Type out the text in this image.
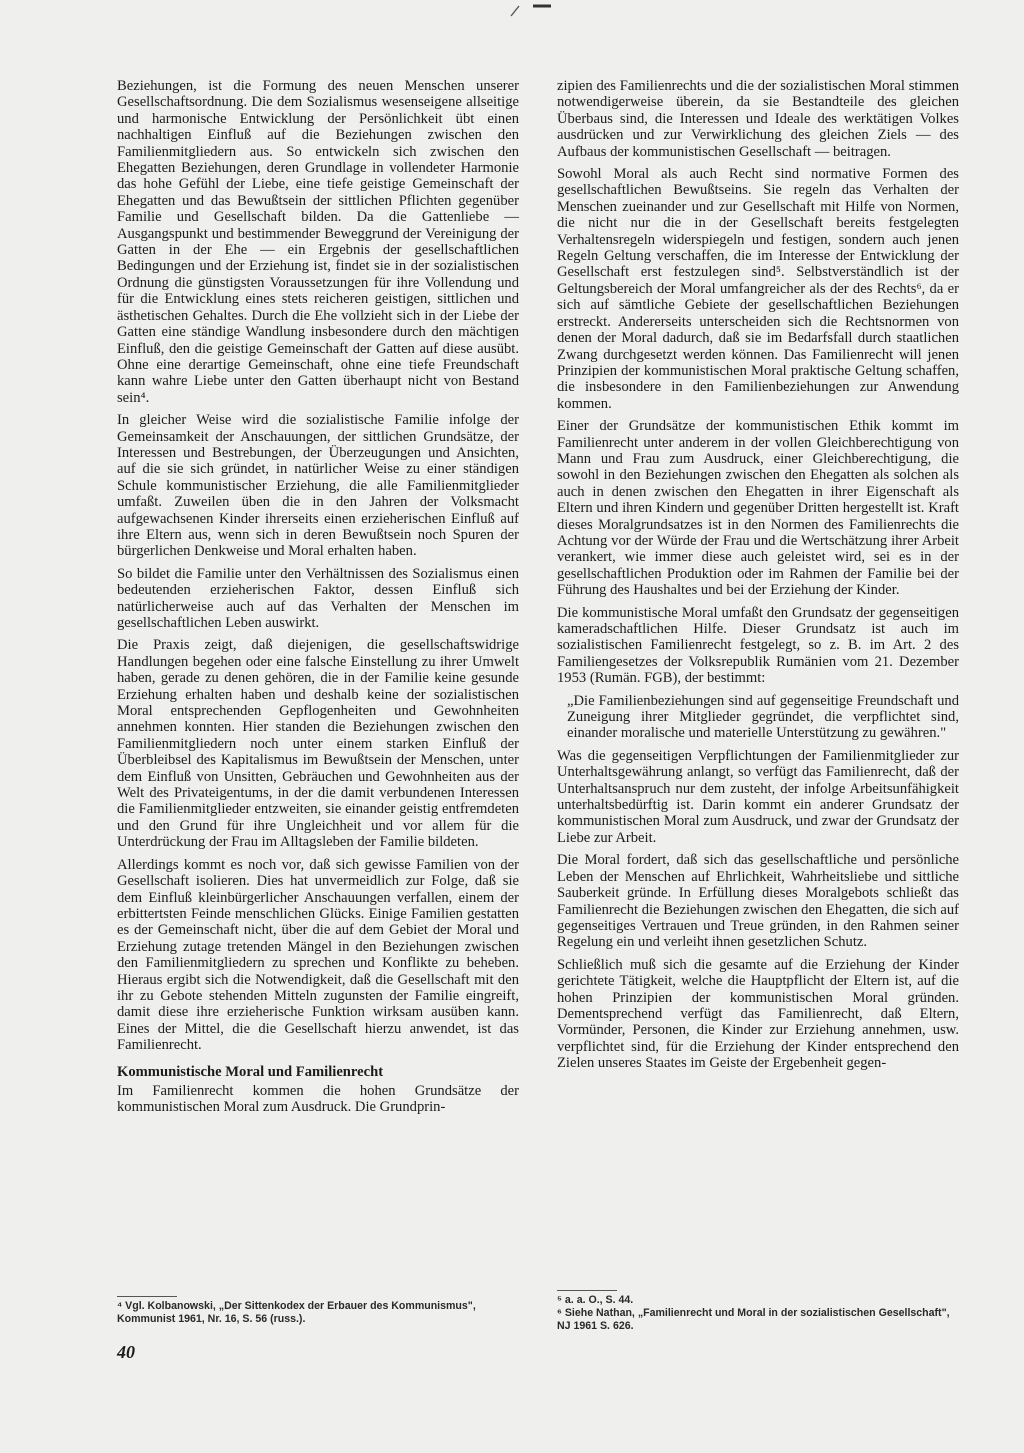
Beziehungen, ist die Formung des neuen Menschen unserer Gesellschaftsordnung. Die dem Sozialismus wesenseigene allseitige und harmonische Entwicklung der Persönlichkeit übt einen nachhaltigen Einfluß auf die Beziehungen zwischen den Familienmitgliedern aus. So entwickeln sich zwischen den Ehegatten Beziehungen, deren Grundlage in vollendeter Harmonie das hohe Gefühl der Liebe, eine tiefe geistige Gemeinschaft der Ehegatten und das Bewußtsein der sittlichen Pflichten gegenüber Familie und Gesellschaft bilden. Da die Gattenliebe — Ausgangspunkt und bestimmender Beweggrund der Vereinigung der Gatten in der Ehe — ein Ergebnis der gesellschaftlichen Bedingungen und der Erziehung ist, findet sie in der sozialistischen Ordnung die günstigsten Voraussetzungen für ihre Vollendung und für die Entwicklung eines stets reicheren geistigen, sittlichen und ästhetischen Gehaltes. Durch die Ehe vollzieht sich in der Liebe der Gatten eine ständige Wandlung insbesondere durch den mächtigen Einfluß, den die geistige Gemeinschaft der Gatten auf diese ausübt. Ohne eine derartige Gemeinschaft, ohne eine tiefe Freundschaft kann wahre Liebe unter den Gatten überhaupt nicht von Bestand sein⁴.

In gleicher Weise wird die sozialistische Familie infolge der Gemeinsamkeit der Anschauungen, der sittlichen Grundsätze, der Interessen und Bestrebungen, der Überzeugungen und Ansichten, auf die sie sich gründet, in natürlicher Weise zu einer ständigen Schule kommunistischer Erziehung, die alle Familienmitglieder umfaßt. Zuweilen üben die in den Jahren der Volksmacht aufgewachsenen Kinder ihrerseits einen erzieherischen Einfluß auf ihre Eltern aus, wenn sich in deren Bewußtsein noch Spuren der bürgerlichen Denkweise und Moral erhalten haben.

So bildet die Familie unter den Verhältnissen des Sozialismus einen bedeutenden erzieherischen Faktor, dessen Einfluß sich natürlicherweise auch auf das Verhalten der Menschen im gesellschaftlichen Leben auswirkt.

Die Praxis zeigt, daß diejenigen, die gesellschaftswidrige Handlungen begehen oder eine falsche Einstellung zu ihrer Umwelt haben, gerade zu denen gehören, die in der Familie keine gesunde Erziehung erhalten haben und deshalb keine der sozialistischen Moral entsprechenden Gepflogenheiten und Gewohnheiten annehmen konnten. Hier standen die Beziehungen zwischen den Familienmitgliedern noch unter einem starken Einfluß der Überbleibsel des Kapitalismus im Bewußtsein der Menschen, unter dem Einfluß von Unsitten, Gebräuchen und Gewohnheiten aus der Welt des Privateigentums, in der die damit verbundenen Interessen die Familienmitglieder entzweiten, sie einander geistig entfremdeten und den Grund für ihre Ungleichheit und vor allem für die Unterdrückung der Frau im Alltagsleben der Familie bildeten.

Allerdings kommt es noch vor, daß sich gewisse Familien von der Gesellschaft isolieren. Dies hat unvermeidlich zur Folge, daß sie dem Einfluß kleinbürgerlicher Anschauungen verfallen, einem der erbittertsten Feinde menschlichen Glücks. Einige Familien gestatten es der Gemeinschaft nicht, über die auf dem Gebiet der Moral und Erziehung zutage tretenden Mängel in den Beziehungen zwischen den Familienmitgliedern zu sprechen und Konflikte zu beheben. Hieraus ergibt sich die Notwendigkeit, daß die Gesellschaft mit den ihr zu Gebote stehenden Mitteln zugunsten der Familie eingreift, damit diese ihre erzieherische Funktion wirksam ausüben kann. Eines der Mittel, die die Gesellschaft hierzu anwendet, ist das Familienrecht.

Kommunistische Moral und Familienrecht

Im Familienrecht kommen die hohen Grundsätze der kommunistischen Moral zum Ausdruck. Die Grundprin-

⁴ Vgl. Kolbanowski, „Der Sittenkodex der Erbauer des Kommunismus", Kommunist 1961, Nr. 16, S. 56 (russ.).

zipien des Familienrechts und die der sozialistischen Moral stimmen notwendigerweise überein, da sie Bestandteile des gleichen Überbaus sind, die Interessen und Ideale des werktätigen Volkes ausdrücken und zur Verwirklichung des gleichen Ziels — des Aufbaus der kommunistischen Gesellschaft — beitragen.

Sowohl Moral als auch Recht sind normative Formen des gesellschaftlichen Bewußtseins. Sie regeln das Verhalten der Menschen zueinander und zur Gesellschaft mit Hilfe von Normen, die nicht nur die in der Gesellschaft bereits festgelegten Verhaltensregeln widerspiegeln und festigen, sondern auch jenen Regeln Geltung verschaffen, die im Interesse der Entwicklung der Gesellschaft erst festzulegen sind⁵. Selbstverständlich ist der Geltungsbereich der Moral umfangreicher als der des Rechts⁶, da er sich auf sämtliche Gebiete der gesellschaftlichen Beziehungen erstreckt. Andererseits unterscheiden sich die Rechtsnormen von denen der Moral dadurch, daß sie im Bedarfsfall durch staatlichen Zwang durchgesetzt werden können. Das Familienrecht will jenen Prinzipien der kommunistischen Moral praktische Geltung schaffen, die insbesondere in den Familienbeziehungen zur Anwendung kommen.

Einer der Grundsätze der kommunistischen Ethik kommt im Familienrecht unter anderem in der vollen Gleichberechtigung von Mann und Frau zum Ausdruck, einer Gleichberechtigung, die sowohl in den Beziehungen zwischen den Ehegatten als solchen als auch in denen zwischen den Ehegatten in ihrer Eigenschaft als Eltern und ihren Kindern und gegenüber Dritten hergestellt ist. Kraft dieses Moralgrundsatzes ist in den Normen des Familienrechts die Achtung vor der Würde der Frau und die Wertschätzung ihrer Arbeit verankert, wie immer diese auch geleistet wird, sei es in der gesellschaftlichen Produktion oder im Rahmen der Familie bei der Führung des Haushaltes und bei der Erziehung der Kinder.

Die kommunistische Moral umfaßt den Grundsatz der gegenseitigen kameradschaftlichen Hilfe. Dieser Grundsatz ist auch im sozialistischen Familienrecht festgelegt, so z. B. im Art. 2 des Familiengesetzes der Volksrepublik Rumänien vom 21. Dezember 1953 (Rumän. FGB), der bestimmt:

„Die Familienbeziehungen sind auf gegenseitige Freundschaft und Zuneigung ihrer Mitglieder gegründet, die verpflichtet sind, einander moralische und materielle Unterstützung zu gewähren."

Was die gegenseitigen Verpflichtungen der Familienmitglieder zur Unterhaltsgewährung anlangt, so verfügt das Familienrecht, daß der Unterhaltsanspruch nur dem zusteht, der infolge Arbeitsunfähigkeit unterhaltsbedürftig ist. Darin kommt ein anderer Grundsatz der kommunistischen Moral zum Ausdruck, und zwar der Grundsatz der Liebe zur Arbeit.

Die Moral fordert, daß sich das gesellschaftliche und persönliche Leben der Menschen auf Ehrlichkeit, Wahrheitsliebe und sittliche Sauberkeit gründe. In Erfüllung dieses Moralgebots schließt das Familienrecht die Beziehungen zwischen den Ehegatten, die sich auf gegenseitiges Vertrauen und Treue gründen, in den Rahmen seiner Regelung ein und verleiht ihnen gesetzlichen Schutz.

Schließlich muß sich die gesamte auf die Erziehung der Kinder gerichtete Tätigkeit, welche die Hauptpflicht der Eltern ist, auf die hohen Prinzipien der kommunistischen Moral gründen. Dementsprechend verfügt das Familienrecht, daß Eltern, Vormünder, Personen, die Kinder zur Erziehung annehmen, usw. verpflichtet sind, für die Erziehung der Kinder entsprechend den Zielen unseres Staates im Geiste der Ergebenheit gegen-

⁵ a. a. O., S. 44.

⁶ Siehe Nathan, „Familienrecht und Moral in der sozialistischen Gesellschaft", NJ 1961 S. 626.

40
